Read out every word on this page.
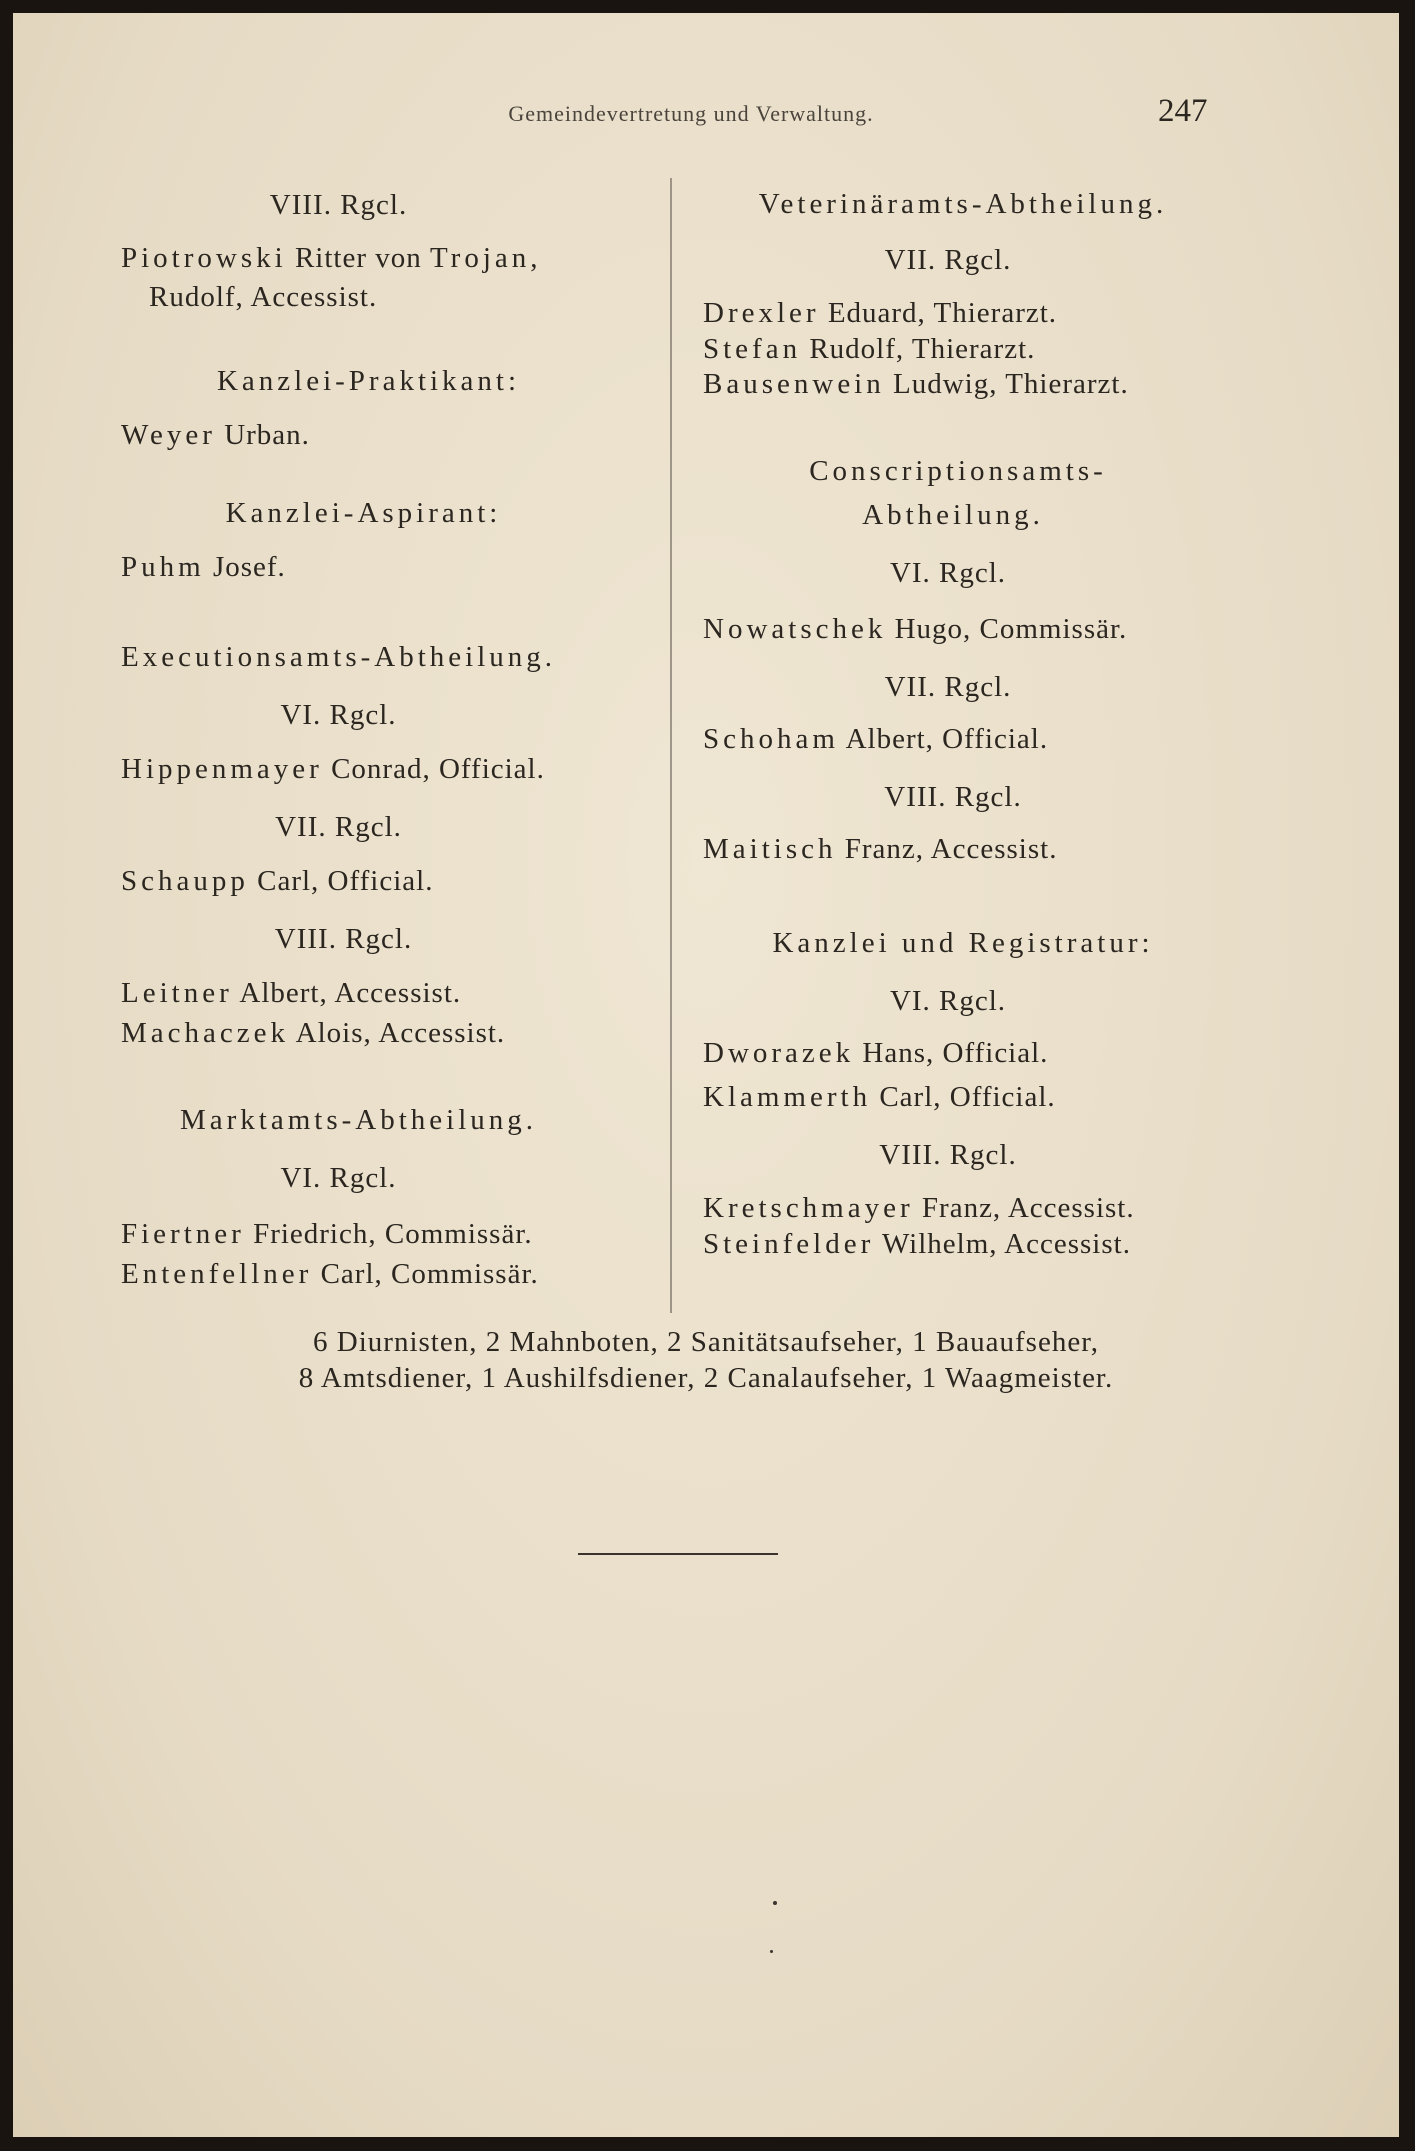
Gemeindevertretung und Verwaltung.	247
VIII. Rgcl.
Piotrowski Ritter von Trojan,
Rudolf, Accessist.
Kanzlei-Praktikant:
Weyer Urban.
Kanzlei-Aspirant:
Puhm Josef.
Executionsamts-Abtheilung.
VI. Rgcl.
Hippenmayer Conrad, Official.
VII. Rgcl.
Schaupp Carl, Official.
VIII. Rgcl.
Leitner Albert, Accessist.
Machaczek Alois, Accessist.
Marktamts-Abtheilung.
VI. Rgcl.
Fiertner Friedrich, Commissär.
Entenfellner Carl, Commissär.
Veterinäramts-Abtheilung.
VII. Rgcl.
Drexler Eduard, Thierarzt.
Stefan Rudolf, Thierarzt.
Bausenwein Ludwig, Thierarzt.
Conscriptionsamts-
Abtheilung.
VI. Rgcl.
Nowatschek Hugo, Commissär.
VII. Rgcl.
Schoham Albert, Official.
VIII. Rgcl.
Maitisch Franz, Accessist.
Kanzlei und Registratur:
VI. Rgcl.
Dworazek Hans, Official.
Klammerth Carl, Official.
VIII. Rgcl.
Kretschmayer Franz, Accessist.
Steinfelder Wilhelm, Accessist.
6 Diurnisten, 2 Mahnboten, 2 Sanitätsaufseher, 1 Bauaufseher,
8 Amtsdiener, 1 Aushilfsdiener, 2 Canalaufseher, 1 Waagmeister.
